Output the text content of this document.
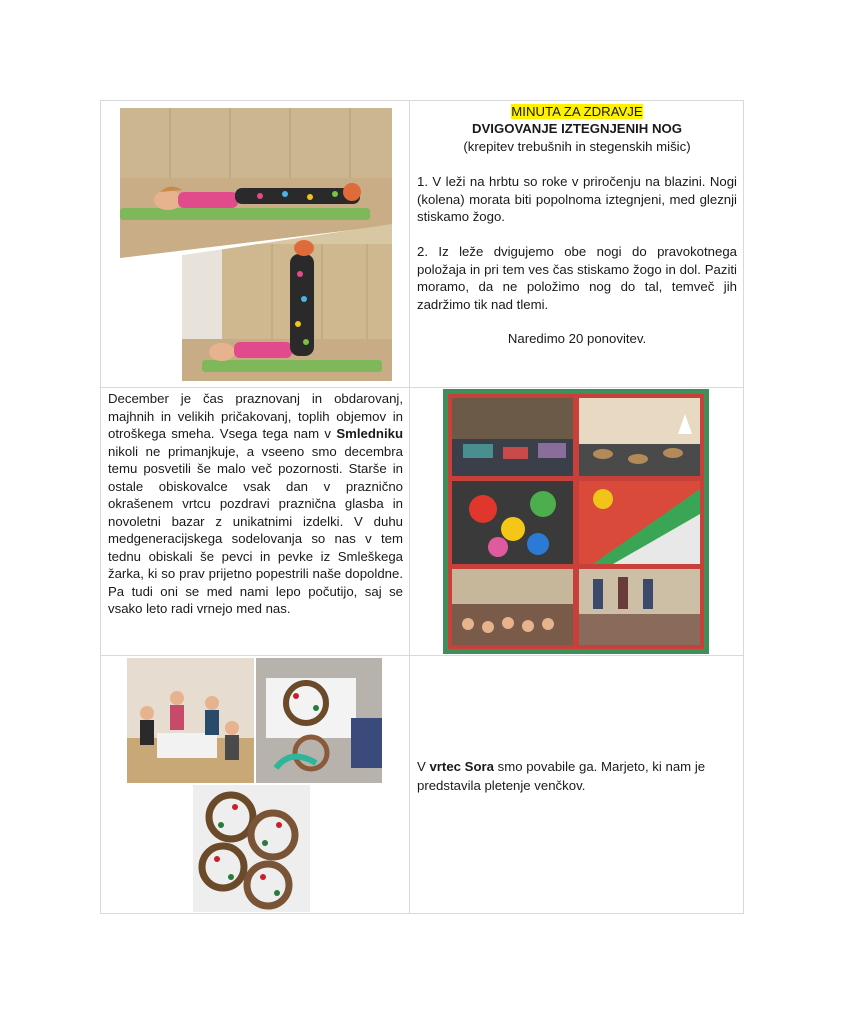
MINUTA ZA ZDRAVJE

DVIGOVANJE IZTEGNJENIH NOG

(krepitev trebušnih in stegenskih mišic)

1. V leži na hrbtu so roke v priročenju na blazini. Nogi (kolena) morata biti popolnoma iztegnjeni, med gleznji stiskamo žogo.

2. Iz leže dvigujemo obe nogi do pravokotnega položaja in pri tem ves čas stiskamo žogo in dol. Paziti moramo, da ne položimo nog do tal, temveč jih zadržimo tik nad tlemi.

Naredimo 20 ponovitev.

December je čas praznovanj in obdarovanj, majhnih in velikih pričakovanj, toplih objemov in otroškega smeha. Vsega tega nam v Smledniku nikoli ne primanjkuje, a vseeno smo decembra temu posvetili še malo več pozornosti. Starše in ostale obiskovalce vsak dan v praznično okrašenem vrtcu pozdravi praznična glasba in novoletni bazar z unikatnimi izdelki. V duhu medgeneracijskega sodelovanja so nas v tem tednu obiskali še pevci in pevke iz Smleškega žarka, ki so prav prijetno popestrili naše dopoldne. Pa tudi oni se med nami lepo počutijo, saj se vsako leto radi vrnejo med nas.
V vrtec Sora smo povabile ga. Marjeto, ki nam je predstavila pletenje venčkov.
